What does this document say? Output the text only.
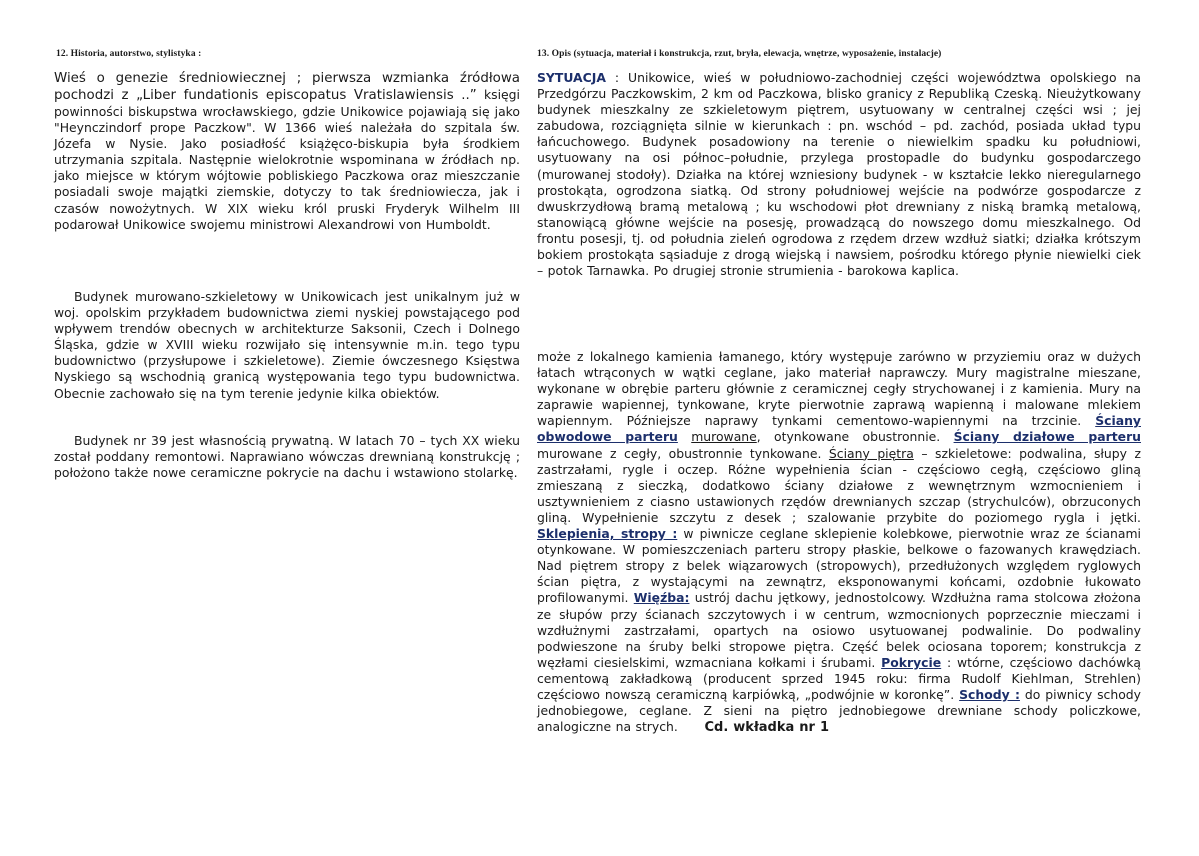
12. Historia, autorstwo, stylistyka :

Wieś o genezie średniowiecznej ; pierwsza wzmianka źródłowa pochodzi z „Liber fundationis episcopatus Vratislawiensis ..” księgi powinności biskupstwa wrocławskiego, gdzie Unikowice pojawiają się jako "Heynczindorf prope Paczkow". W 1366 wieś należała do szpitala św. Józefa w Nysie. Jako posiadłość książęco-biskupia była środkiem utrzymania szpitala. Następnie wielokrotnie wspominana w źródłach np. jako miejsce w którym wójtowie pobliskiego Paczkowa oraz mieszczanie posiadali swoje majątki ziemskie, dotyczy to tak średniowiecza, jak i czasów nowożytnych. W XIX wieku król pruski Fryderyk Wilhelm III podarował Unikowice swojemu ministrowi Alexandrowi von Humboldt.

Budynek murowano-szkieletowy w Unikowicach jest unikalnym już w woj. opolskim przykładem budownictwa ziemi nyskiej powstającego pod wpływem trendów obecnych w architekturze Saksonii, Czech i Dolnego Śląska, gdzie w XVIII wieku rozwijało się intensywnie m.in. tego typu budownictwo (przysłupowe i szkieletowe). Ziemie ówczesnego Księstwa Nyskiego są wschodnią granicą występowania tego typu budownictwa. Obecnie zachowało się na tym terenie jedynie kilka obiektów.

Budynek nr 39 jest własnością prywatną. W latach 70 – tych XX wieku został poddany remontowi. Naprawiano wówczas drewnianą konstrukcję ; położono także nowe ceramiczne pokrycie na dachu i wstawiono stolarkę.

13. Opis (sytuacja, materiał i konstrukcja, rzut, bryła, elewacja, wnętrze, wyposażenie, instalacje)

SYTUACJA : Unikowice, wieś w południowo-zachodniej części województwa opolskiego na Przedgórzu Paczkowskim, 2 km od Paczkowa, blisko granicy z Republiką Czeską. Nieużytkowany budynek mieszkalny ze szkieletowym piętrem, usytuowany w centralnej części wsi ; jej zabudowa, rozciągnięta silnie w kierunkach : pn. wschód – pd. zachód, posiada układ typu łańcuchowego. Budynek posadowiony na terenie o niewielkim spadku ku południowi, usytuowany na osi północ–południe, przylega prostopadle do budynku gospodarczego (murowanej stodoły). Działka na której wzniesiony budynek - w kształcie lekko nieregularnego prostokąta, ogrodzona siatką. Od strony południowej wejście na podwórze gospodarcze z dwuskrzydłową bramą metalową ; ku wschodowi płot drewniany z niską bramką metalową, stanowiącą główne wejście na posesję, prowadzącą do nowszego domu mieszkalnego. Od frontu posesji, tj. od południa zieleń ogrodowa z rzędem drzew wzdłuż siatki; działka krótszym bokiem prostokąta sąsiaduje z drogą wiejską i nawsiem, pośrodku którego płynie niewielki ciek – potok Tarnawka. Po drugiej stronie strumienia - barokowa kaplica.

może z lokalnego kamienia łamanego, który występuje zarówno w przyziemiu oraz w dużych łatach wtrąconych w wątki ceglane, jako materiał naprawczy. Mury magistralne mieszane, wykonane w obrębie parteru głównie z ceramicznej cegły strychowanej i z kamienia. Mury na zaprawie wapiennej, tynkowane, kryte pierwotnie zaprawą wapienną i malowane mlekiem wapiennym. Późniejsze naprawy tynkami cementowo-wapiennymi na trzcinie. Ściany obwodowe parteru murowane, otynkowane obustronnie. Ściany działowe parteru murowane z cegły, obustronnie tynkowane. Ściany piętra – szkieletowe: podwalina, słupy z zastrzałami, rygle i oczep. Różne wypełnienia ścian - częściowo cegłą, częściowo gliną zmieszaną z sieczką, dodatkowo ściany działowe z wewnętrznym wzmocnieniem i usztywnieniem z ciasno ustawionych rzędów drewnianych szczap (strychulców), obrzuconych gliną. Wypełnienie szczytu z desek ; szalowanie przybite do poziomego rygla i jętki. Sklepienia, stropy : w piwnicze ceglane sklepienie kolebkowe, pierwotnie wraz ze ścianami otynkowane. W pomieszczeniach parteru stropy płaskie, belkowe o fazowanych krawędziach. Nad piętrem stropy z belek wiązarowych (stropowych), przedłużonych względem ryglowych ścian piętra, z wystającymi na zewnątrz, eksponowanymi końcami, ozdobnie łukowato profilowanymi. Więźba: ustrój dachu jętkowy, jednostolcowy. Wzdłużna rama stolcowa złożona ze słupów przy ścianach szczytowych i w centrum, wzmocnionych poprzecznie mieczami i wzdłużnymi zastrzałami, opartych na osiowo usytuowanej podwalinie. Do podwaliny podwieszone na śruby belki stropowe piętra. Część belek ociosana toporem; konstrukcja z węzłami ciesielskimi, wzmacniana kołkami i śrubami. Pokrycie : wtórne, częściowo dachówką cementową zakładkową (producent sprzed 1945 roku: firma Rudolf Kiehlman, Strehlen) częściowo nowszą ceramiczną karpiówką, „podwójnie w koronkę”. Schody : do piwnicy schody jednobiegowe, ceglane. Z sieni na piętro jednobiegowe drewniane schody policzkowe, analogiczne na strych. Cd. wkładka nr 1
